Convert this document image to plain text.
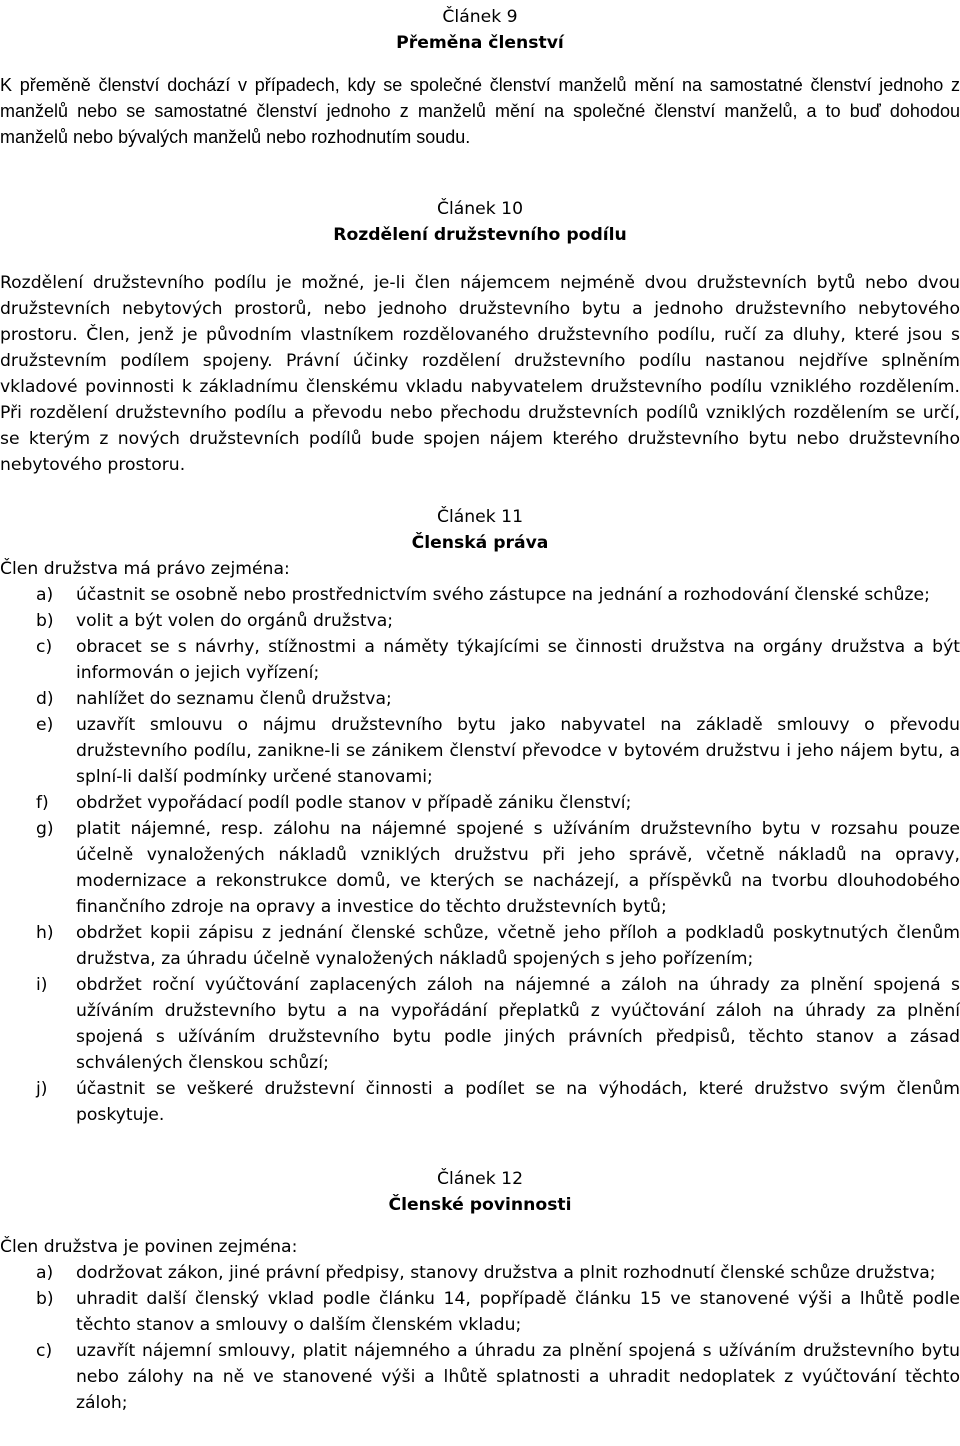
Článek 9
Přeměna členství
K přeměně členství dochází v případech, kdy se společné členství manželů mění na samostatné členství jednoho z manželů nebo se samostatné členství jednoho z manželů mění na společné členství manželů, a to buď dohodou manželů nebo bývalých manželů nebo rozhodnutím soudu.
Článek 10
Rozdělení družstevního podílu
Rozdělení družstevního podílu je možné, je-li člen nájemcem nejméně dvou družstevních bytů nebo dvou družstevních nebytových prostorů, nebo jednoho družstevního bytu a jednoho družstevního nebytového prostoru. Člen, jenž je původním vlastníkem rozdělovaného družstevního podílu, ručí za dluhy, které jsou s družstevním podílem spojeny. Právní účinky rozdělení družstevního podílu nastanou nejdříve splněním vkladové povinnosti k základnímu členskému vkladu nabyvatelem družstevního podílu vzniklého rozdělením. Při rozdělení družstevního podílu a převodu nebo přechodu družstevních podílů vzniklých rozdělením se určí, se kterým z nových družstevních podílů bude spojen nájem kterého družstevního bytu nebo družstevního nebytového prostoru.
Článek 11
Členská práva
Člen družstva má právo zejména:
a) účastnit se osobně nebo prostřednictvím svého zástupce na jednání a rozhodování členské schůze;
b) volit a být volen do orgánů družstva;
c) obracet se s návrhy, stížnostmi a náměty týkajícími se činnosti družstva na orgány družstva a být informován o jejich vyřízení;
d) nahlížet do seznamu členů družstva;
e) uzavřít smlouvu o nájmu družstevního bytu jako nabyvatel na základě smlouvy o převodu družstevního podílu, zanikne-li se zánikem členství převodce v bytovém družstvu i jeho nájem bytu, a splní-li další podmínky určené stanovami;
f) obdržet vypořádací podíl podle stanov v případě zániku členství;
g) platit nájemné, resp. zálohu na nájemné spojené s užíváním družstevního bytu v rozsahu pouze účelně vynaložených nákladů vzniklých družstvu při jeho správě, včetně nákladů na opravy, modernizace a rekonstrukce domů, ve kterých se nacházejí, a příspěvků na tvorbu dlouhodobého finančního zdroje na opravy a investice do těchto družstevních bytů;
h) obdržet kopii zápisu z jednání členské schůze, včetně jeho příloh a podkladů poskytnutých členům družstva, za úhradu účelně vynaložených nákladů spojených s jeho pořízením;
i) obdržet roční vyúčtování zaplacených záloh na nájemné a záloh na úhrady za plnění spojená s užíváním družstevního bytu a na vypořádání přeplatků z vyúčtování záloh na úhrady za plnění spojená s užíváním družstevního bytu podle jiných právních předpisů, těchto stanov a zásad schválených členskou schůzí;
j) účastnit se veškeré družstevní činnosti a podílet se na výhodách, které družstvo svým členům poskytuje.
Článek 12
Členské povinnosti
Člen družstva je povinen zejména:
a) dodržovat zákon, jiné právní předpisy, stanovy družstva a plnit rozhodnutí členské schůze družstva;
b) uhradit další členský vklad podle článku 14, popřípadě článku 15 ve stanovené výši a lhůtě podle těchto stanov a smlouvy o dalším členském vkladu;
c) uzavřít nájemní smlouvy, platit nájemného a úhradu za plnění spojená s užíváním družstevního bytu nebo zálohy na ně ve stanovené výši a lhůtě splatnosti a uhradit nedoplatek z vyúčtování těchto záloh;
